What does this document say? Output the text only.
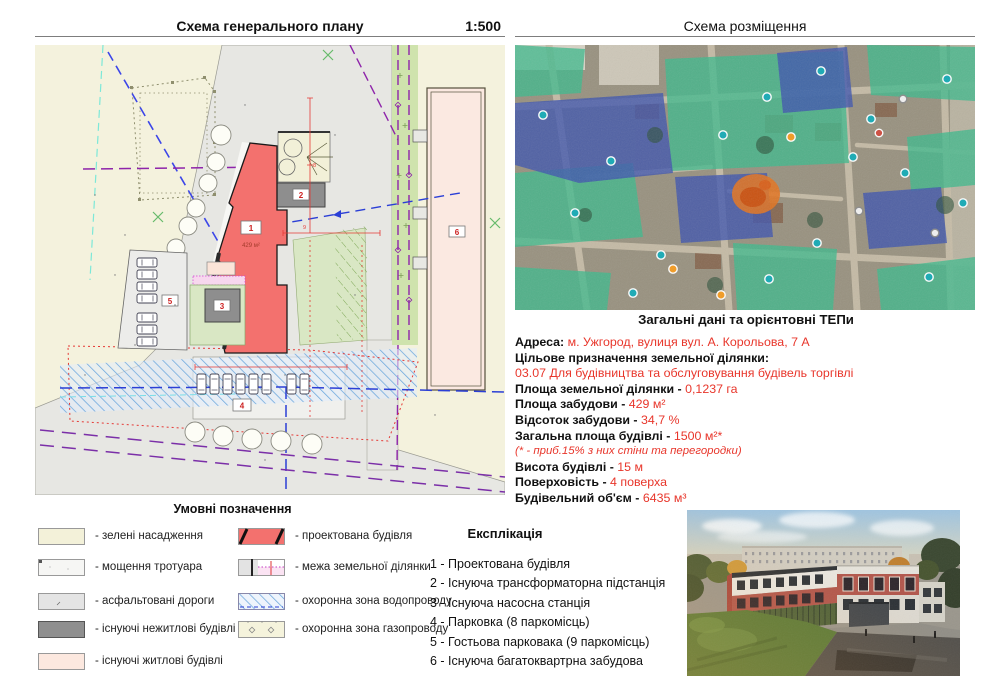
Схема генерального плану	1:500	Схема розміщення
6
2
1
429 м²
9
8
3
4
5
Загальні дані та орієнтовні ТЕПи
Адреса: м. Ужгород, вулиця вул. А. Корольова, 7 А
Цільове призначення земельної ділянки:
03.07 Для будівництва та обслуговування будівель торгівлі
Площа земельної ділянки - 0,1237 га
Площа забудови - 429 м²
Відсоток забудови - 34,7 %
Загальна площа будівлі - 1500 м²*
(* - приб.15% з них стіни та перегородки)
Висота будівлі - 15 м
Поверховість - 4 поверха
Будівельний об'єм - 6435 м³
Умовні позначення
- зелені насадження
- мощення тротуара
- асфальтовані дороги
- існуючі нежитлові будівлі
- існуючі житлові будівлі
- проектована будівля
- межа земельної ділянки
- охоронна зона водопроводу
- охоронна зона газопроводу
Експлікація
1 - Проектована будівля
2 - Існуюча трансформаторна підстанція
3 - Існуюча насосна станція
4 - Парковка (8 паркомісць)
5 - Гостьова парковака (9 паркомісць)
6 - Існуюча багатоквартрна забудова
